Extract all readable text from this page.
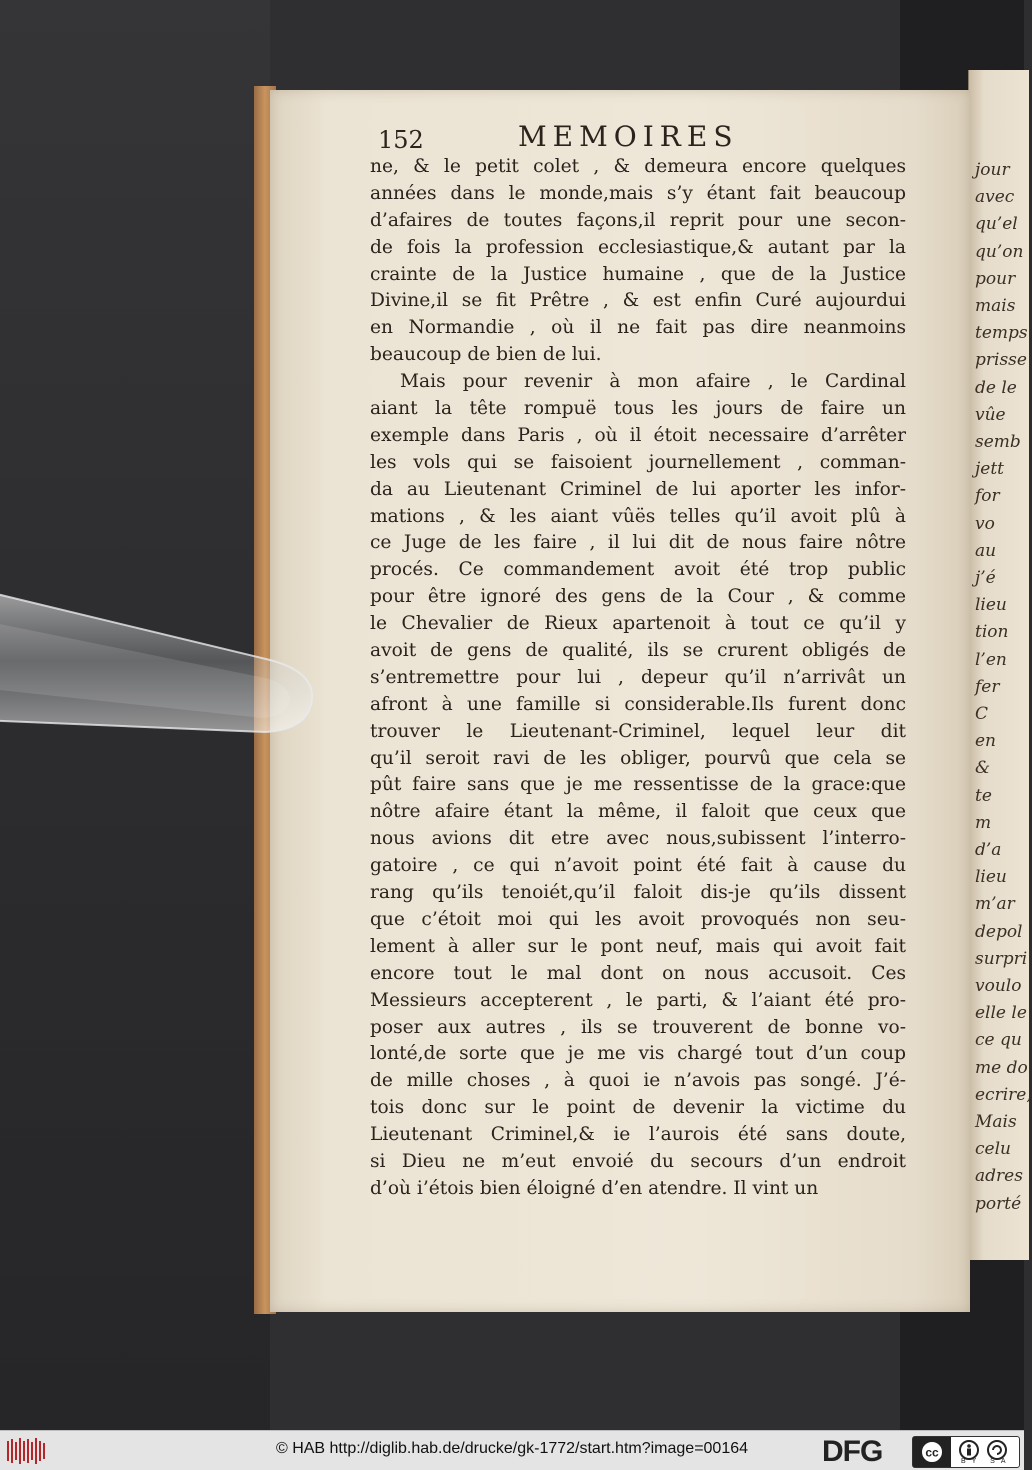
jour
avec
qu’el
qu’on
pour
mais
temps
prisse
de le
vûe
semb
jett
for
vo
au
j’é
lieu
tion
l’en
fer
C
en
&
te
m
d’a
lieu
m’ar
depol
surpri
voulo
elle le
ce qu
me do
ecrire,
Mais
celu
adres
porté
152	MEMOIRES
ne, & le petit colet , & demeura encore quelques
années dans le monde,mais s’y étant fait beaucoup
d’afaires de toutes façons,il reprit pour une secon-
de fois la profession ecclesiastique,& autant par la
crainte de la Justice humaine , que de la Justice
Divine,il se fit Prêtre , & est enfin Curé aujourdui
en Normandie , où il ne fait pas dire neanmoins
beaucoup de bien de lui.
Mais pour revenir à mon afaire , le Cardinal
aiant la tête rompuë tous les jours de faire un
exemple dans Paris , où il étoit necessaire d’arrêter
les vols qui se faisoient journellement , comman-
da au Lieutenant Criminel de lui aporter les infor-
mations , & les aiant vûës telles qu’il avoit plû à
ce Juge de les faire , il lui dit de nous faire nôtre
procés. Ce commandement avoit été trop public
pour être ignoré des gens de la Cour , & comme
le Chevalier de Rieux apartenoit à tout ce qu’il y
avoit de gens de qualité, ils se crurent obligés de
s’entremettre pour lui , depeur qu’il n’arrivât un
afront à une famille si considerable.Ils furent donc
trouver le Lieutenant-Criminel, lequel leur dit
qu’il seroit ravi de les obliger, pourvû que cela se
pût faire sans que je me ressentisse de la grace:que
nôtre afaire étant la même, il faloit que ceux que
nous avions dit etre avec nous,subissent l’interro-
gatoire , ce qui n’avoit point été fait à cause du
rang qu’ils tenoiét,qu’il faloit dis-je qu’ils dissent
que c’étoit moi qui les avoit provoqués non seu-
lement à aller sur le pont neuf, mais qui avoit fait
encore tout le mal dont on nous accusoit. Ces
Messieurs accepterent , le parti, & l’aiant été pro-
poser aux autres , ils se trouverent de bonne vo-
lonté,de sorte que je me vis chargé tout d’un coup
de mille choses , à quoi ie n’avois pas songé. J’é-
tois donc sur le point de devenir la victime du
Lieutenant Criminel,& ie l’aurois été sans doute,
si Dieu ne m’eut envoié du secours d’un endroit
d’où i’étois bien éloigné d’en atendre. Il vint un
© HAB http://diglib.hab.de/drucke/gk-1772/start.htm?image=00164	DFG	cc
BY SA
